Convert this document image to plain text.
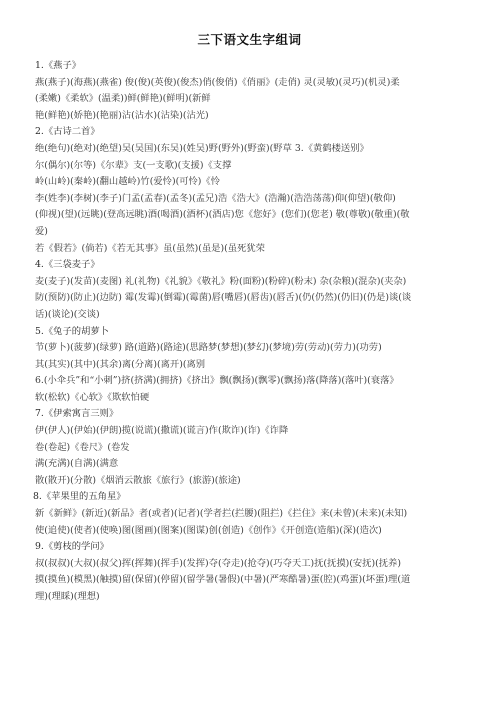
三下语文生字组词

1.《燕子》

燕(燕子)(海燕)(燕雀) 俊(俊)(英俊)(俊杰)俏(俊俏)《俏丽》(走俏) 灵(灵敏)(灵巧)(机灵)柔

(柔嫩)《柔软》(温柔))鲜(鲜艳)(鲜明)(新鲜

艳(鲜艳)(娇艳)(艳丽)沾(沾水)(沾染)(沾光)

2.《古诗二首》

绝(绝句)(绝对)(绝望)吴(吴国)(东吴)(姓吴)野(野外)(野蛮)(野草 3.《黄鹤楼送别》

尔(偶尔)(尔等)《尔辈》支(一支歌)(支援)《支撑

岭(山岭)(秦岭)(翻山越岭)竹(爱怜)(可怜)《怜

李(姓李)(李树)(李子)门孟(孟春)(孟冬)(孟兄)浩《浩大》(浩瀚)(浩浩荡荡)仰(仰望)(敬仰)

(仰视)(望)(远眺)(登高远眺)酒(喝酒)(酒杯)(酒店)您《您好》(您们)(您老) 敬(尊敬)(敬重)(敬

爱)

若《假若》(倘若)《若无其事》虽(虽然)(虽是)(虽死犹荣

4.《三袋麦子》

麦(麦子)(发苗)(麦图) 礼(礼物)《礼貌》《敬礼》粉(面粉)(粉碎)(粉末) 杂(杂粮)(混杂)(夹杂)

防(预防)(防止)(边防) 霉(发霉)(倒霉)(霉菌)唇(嘴唇)(唇齿)(唇舌)(仍(仍然)(仍旧)(仍是)谈(谈

话)(谈论)(交谈)

5.《兔子的胡萝卜

节(萝卜)(菠萝)(绿萝) 路(道路)(路途)(思路梦(梦想)(梦幻)(梦境)劳(劳动)(劳力)(功劳)

其(其实)(其中)(其余)离(分离)(离开)(离别

6.(小伞兵”和“小刺”)挤(挤满)(拥挤)《挤出》飘(飘扬)(飘零)(飘扬)落(降落)(落叶)(衰落》

软(松软)《心软》《欺软怕硬

7.《伊索寓言三则》

伊(伊人)(伊始)(伊朗)揽(说谎)(撒谎)(谎言)作(欺诈)(诈)《诈降

卷(卷起)《卷尺》(卷发

满(充满)(自满)(满意

散(散开)(分散)《烟消云散旅《旅行》(旅游)(旅途)

8.《苹果里的五角星》

新《新鲜》(新近)(新品》者(或者)(记者)(学者拦(拦腰)(阻拦)《拦住》来(未曾)(未来)(未知)

使(追使)(使者)(使唤)图(图画)(图案)(图谋)创(创造)《创作》《开创造(造船)(深)(造次)

9.《剪枝的学问》

叔(叔叔)(大叔)(叔父)挥(挥舞)(挥手)(发挥)夺(夺走)(抢夺)(巧夺天工)抚(抚摸)(安抚)(抚养)

摸(摸鱼)(模黑)(触摸)留(保留)(停留)(留学暑(暑假)(中暑)(严寒酷暑)蛋(腔)(鸡蛋)(坏蛋)理(道

理)(理睬)(理想)
